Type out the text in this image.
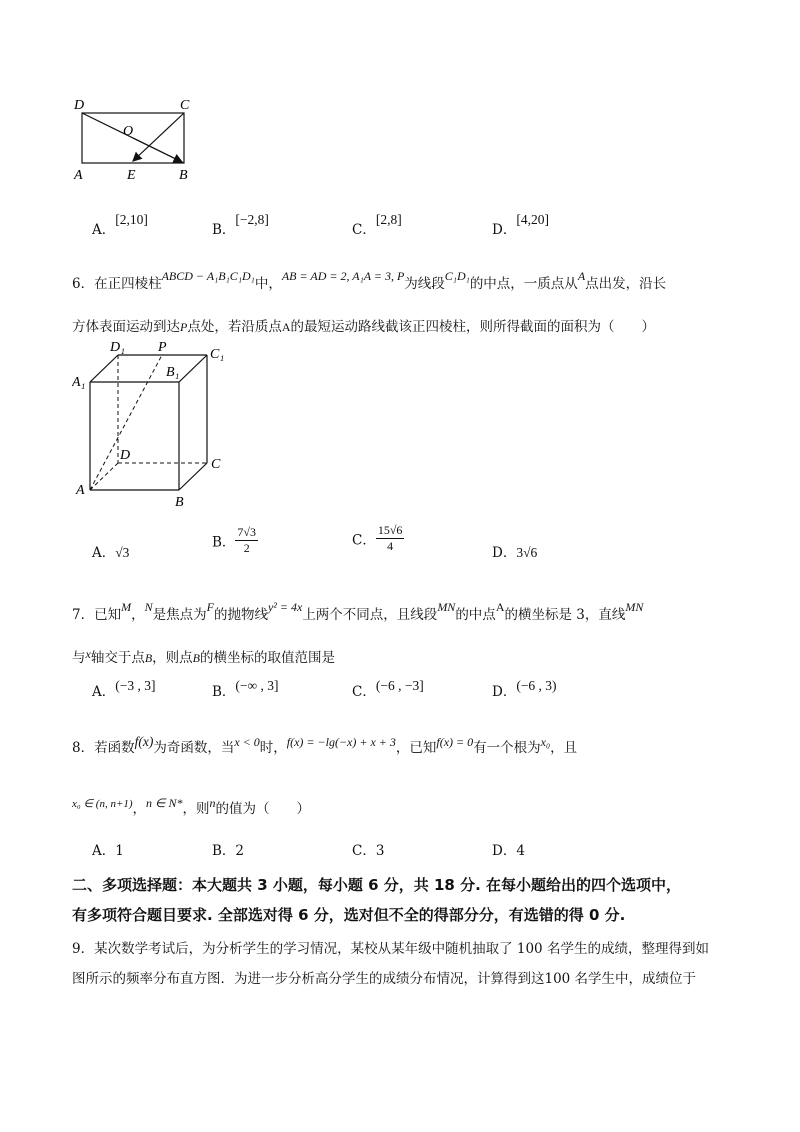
D	C
O
A	E	B
A．[2,10]
B．[−2,8]
C．[2,8]
D．[4,20]
6．在正四棱柱ABCD − A₁B₁C₁D₁中，AB = AD = 2, A₁A = 3, P为线段C₁D₁的中点，一质点从A点出发，沿长
方体表面运动到达P点处，若沿质点A的最短运动路线截该正四棱柱，则所得截面的面积为（　　）
D₁ P	C₁
A₁
B₁
D
C
A
B
A．√3
B． $\frac{7√3}{2}$	C． $\frac{15√6}{4}$	D．3√6
7．已知M，N是焦点为F的抛物线y² = 4x上两个不同点，且线段MN的中点A的横坐标是 3，直线MN
与x轴交于点B，则点B的横坐标的取值范围是
A．(−3 , 3]	B．(−∞ , 3]	C．(−6 , −3]	D．(−6 , 3)
8．若函数f(x)为奇函数，当x < 0时，f(x) = −lg(−x) + x + 3，已知f(x) = 0有一个根为x₀，且
$^{x_0 \in (n, n+1)}$，n ∈ N*，则n的值为（　　）
A．1	B．2	C．3	D．4
二、多项选择题：本大题共 3 小题，每小题 6 分，共 18 分. 在每小题给出的四个选项中，
有多项符合题目要求. 全部选对得 6 分，选对但不全的得部分分，有选错的得 0 分.
9．某次数学考试后，为分析学生的学习情况，某校从某年级中随机抽取了 100 名学生的成绩，整理得到如
图所示的频率分布直方图．为进一步分析高分学生的成绩分布情况，计算得到这100 名学生中，成绩位于
